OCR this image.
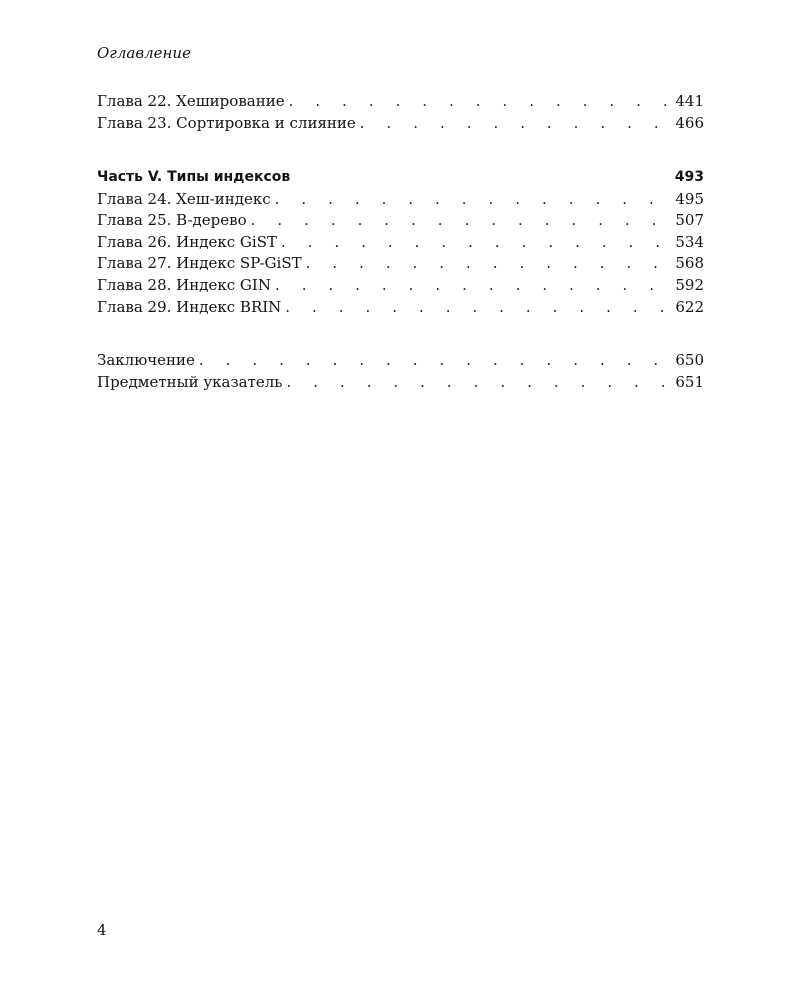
Оглавление
Глава 22. Хеширование . . .	441
Глава 23. Сортировка и слияние . . .	466
Часть V. Типы индексов	493
Глава 24. Хеш-индекс . . .	495
Глава 25. B-дерево . . .	507
Глава 26. Индекс GiST . . .	534
Глава 27. Индекс SP-GiST . . .	568
Глава 28. Индекс GIN . . .	592
Глава 29. Индекс BRIN . . .	622
Заключение . . .	650
Предметный указатель . . .	651
4
